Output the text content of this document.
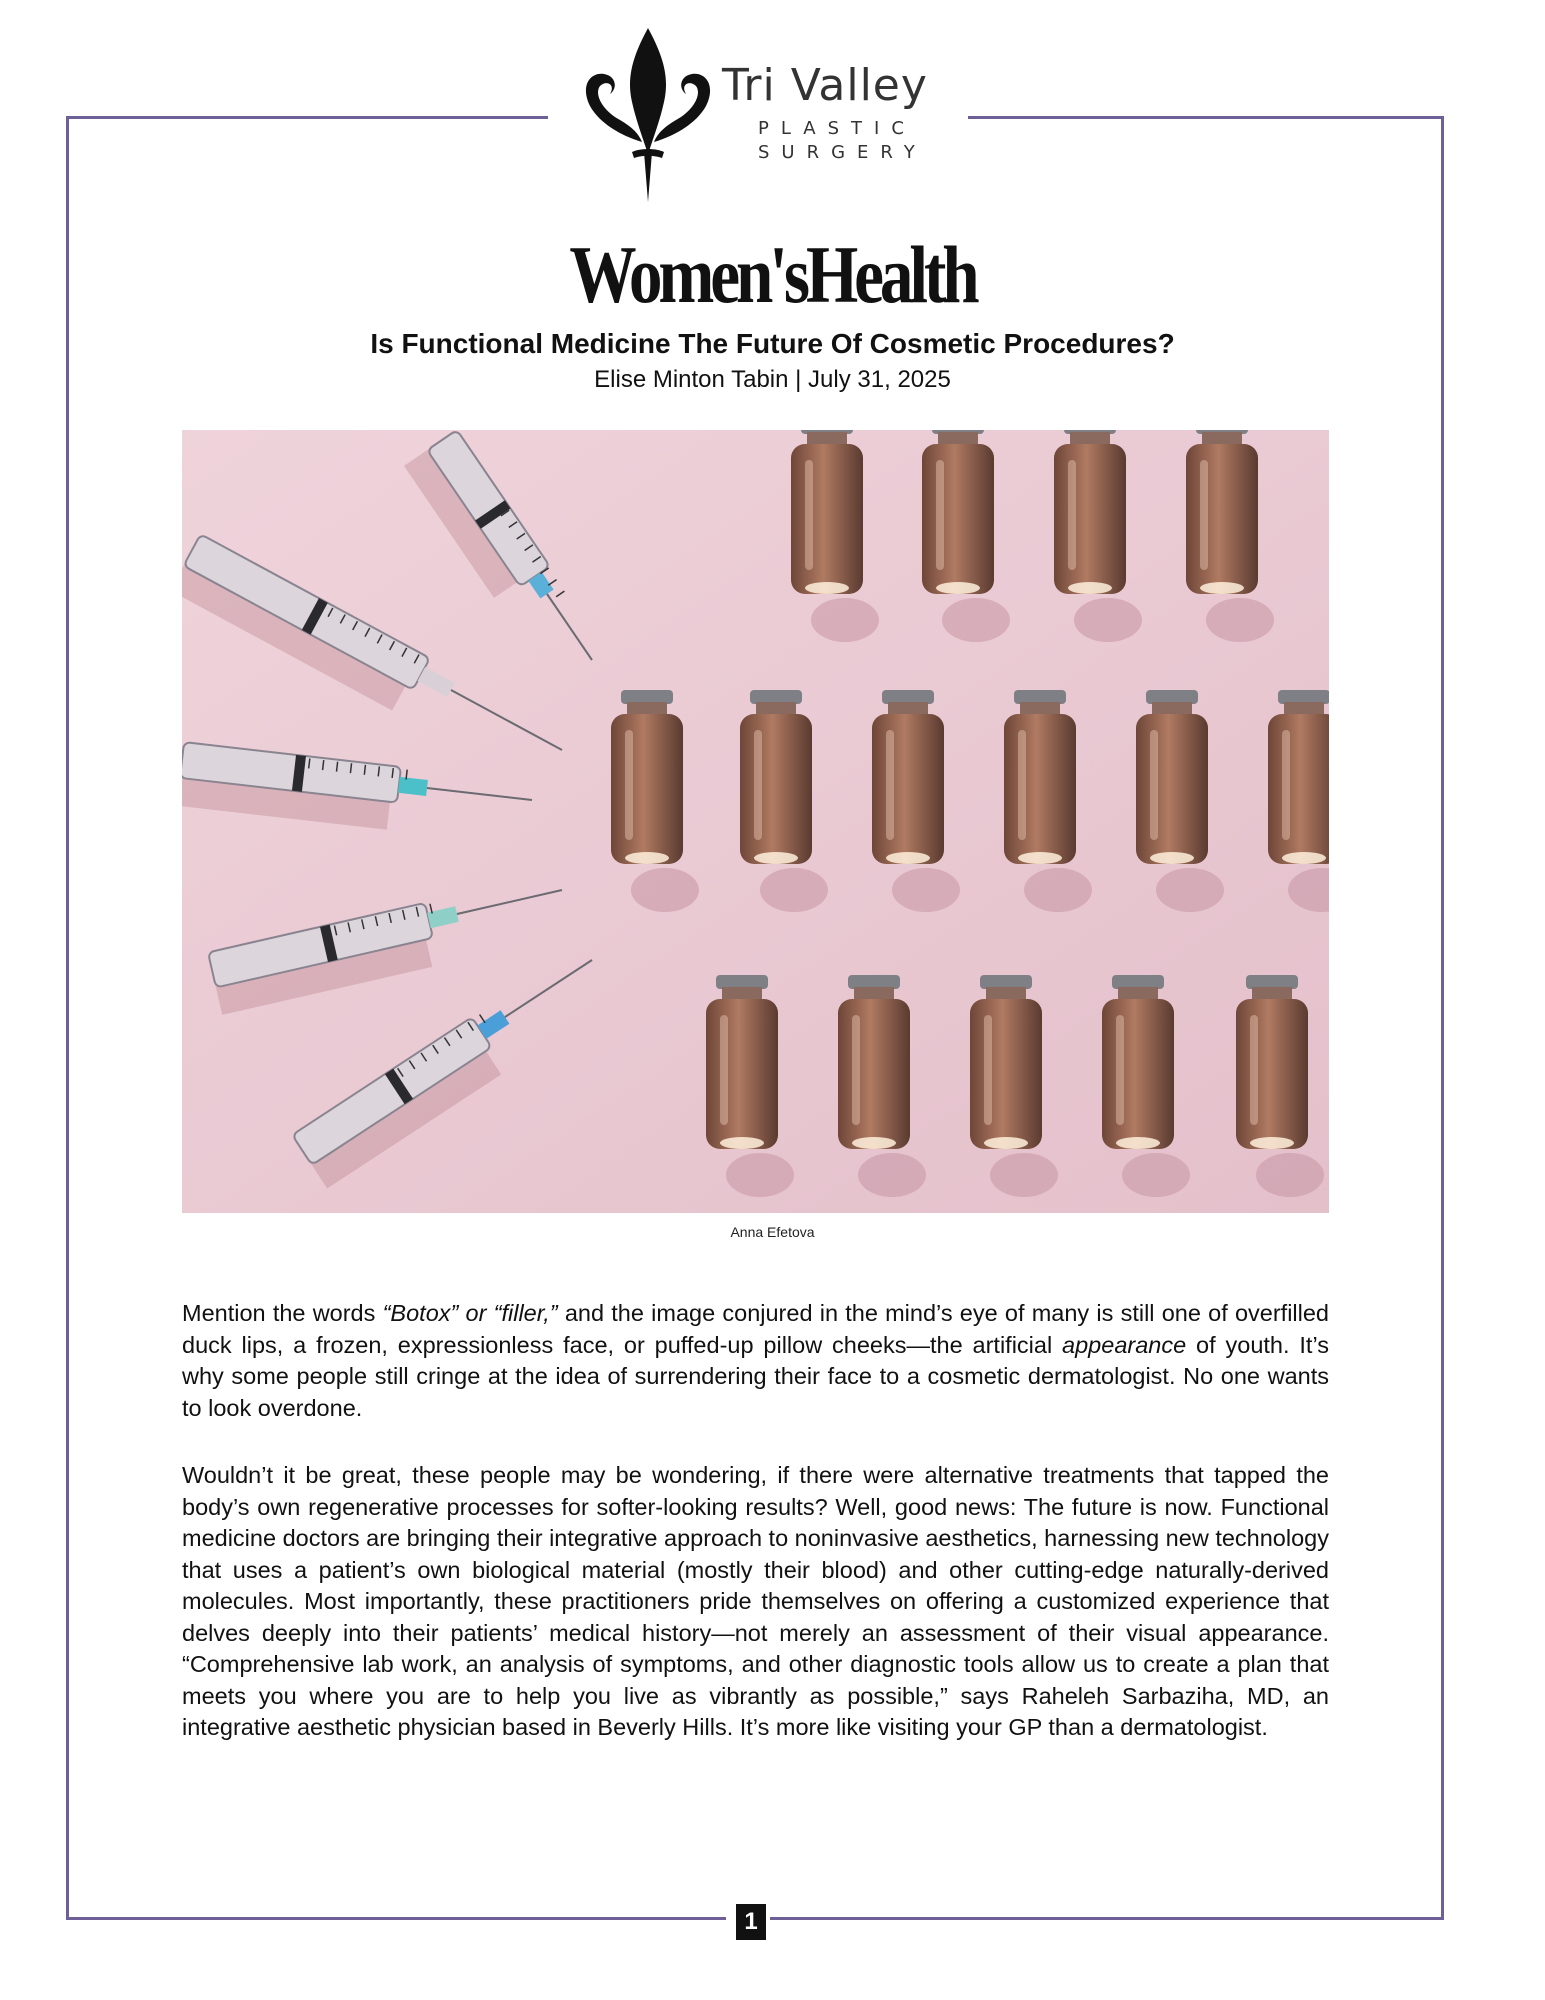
Tri Valley
PLASTIC
SURGERY
Women'sHealth
Is Functional Medicine The Future Of Cosmetic Procedures?
Elise Minton Tabin | July 31, 2025
Anna Efetova

Mention the words “Botox” or “filler,” and the image conjured in the mind’s eye of many is still one of overfilled duck lips, a frozen, expressionless face, or puffed-up pillow cheeks—the artificial appearance of youth. It’s why some people still cringe at the idea of surrendering their face to a cosmetic dermatologist. No one wants to look overdone.

Wouldn’t it be great, these people may be wondering, if there were alternative treatments that tapped the body’s own regenerative processes for softer-looking results? Well, good news: The future is now. Functional medicine doctors are bringing their integrative approach to noninvasive aesthetics, harnessing new technology that uses a patient’s own biological material (mostly their blood) and other cutting-edge naturally-derived molecules. Most importantly, these practitioners pride themselves on offering a customized experience that delves deeply into their patients’ medical history—not merely an assessment of their visual appearance. “Comprehensive lab work, an analysis of symptoms, and other diagnostic tools allow us to create a plan that meets you where you are to help you live as vibrantly as possible,” says Raheleh Sarbaziha, MD, an integrative aesthetic physician based in Beverly Hills. It’s more like visiting your GP than a dermatologist.

1
